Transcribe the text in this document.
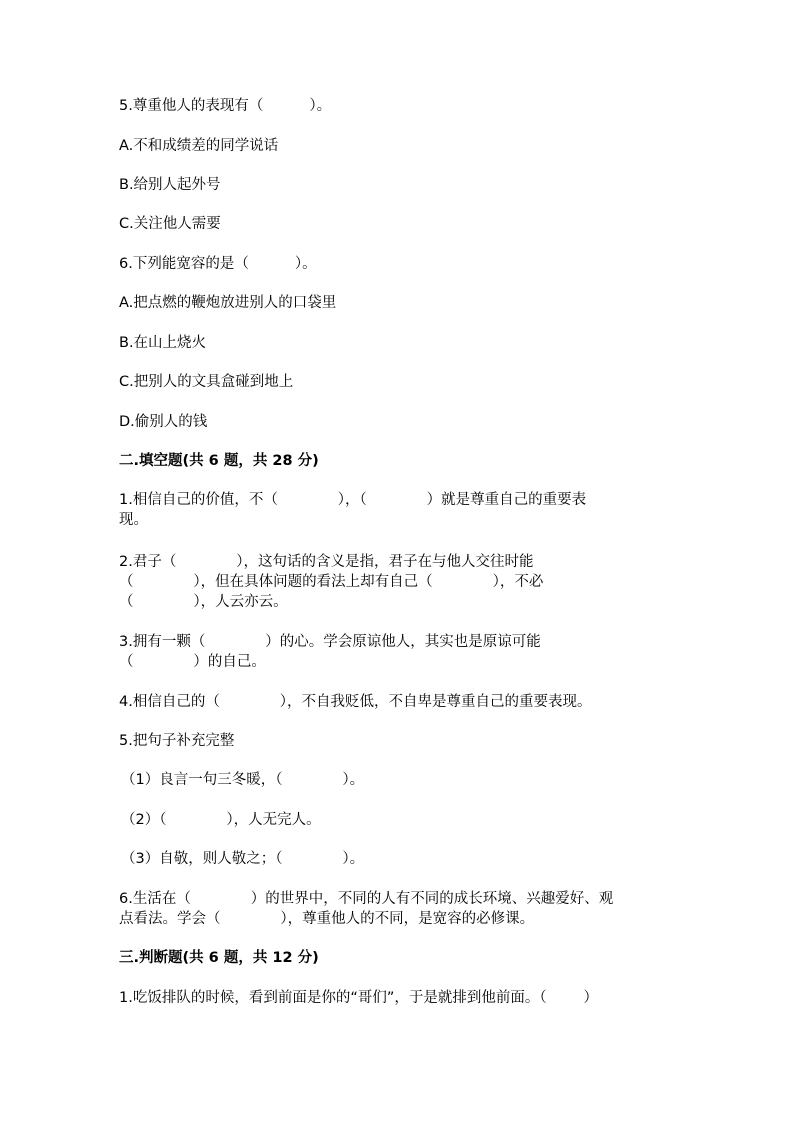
5.尊重他人的表现有（          ）。
A.不和成绩差的同学说话
B.给别人起外号
C.关注他人需要
6.下列能宽容的是（          ）。
A.把点燃的鞭炮放进别人的口袋里
B.在山上烧火
C.把别人的文具盒碰到地上
D.偷别人的钱
二.填空题(共 6 题，共 28 分)
1.相信自己的价值，不（             ），（             ）就是尊重自己的重要表
现。
2.君子（             ），这句话的含义是指，君子在与他人交往时能
（             ），但在具体问题的看法上却有自己（             ），不必
（             ），人云亦云。
3.拥有一颗（             ）的心。学会原谅他人，其实也是原谅可能
（             ）的自己。
4.相信自己的（             ），不自我贬低，不自卑是尊重自己的重要表现。
5.把句子补充完整
（1）良言一句三冬暖，（             ）。
（2）（             ），人无完人。
（3）自敬，则人敬之；（             ）。
6.生活在（             ）的世界中，不同的人有不同的成长环境、兴趣爱好、观
点看法。学会（             ），尊重他人的不同，是宽容的必修课。
三.判断题(共 6 题，共 12 分)
1.吃饭排队的时候，看到前面是你的“哥们”，于是就排到他前面。（        ）
